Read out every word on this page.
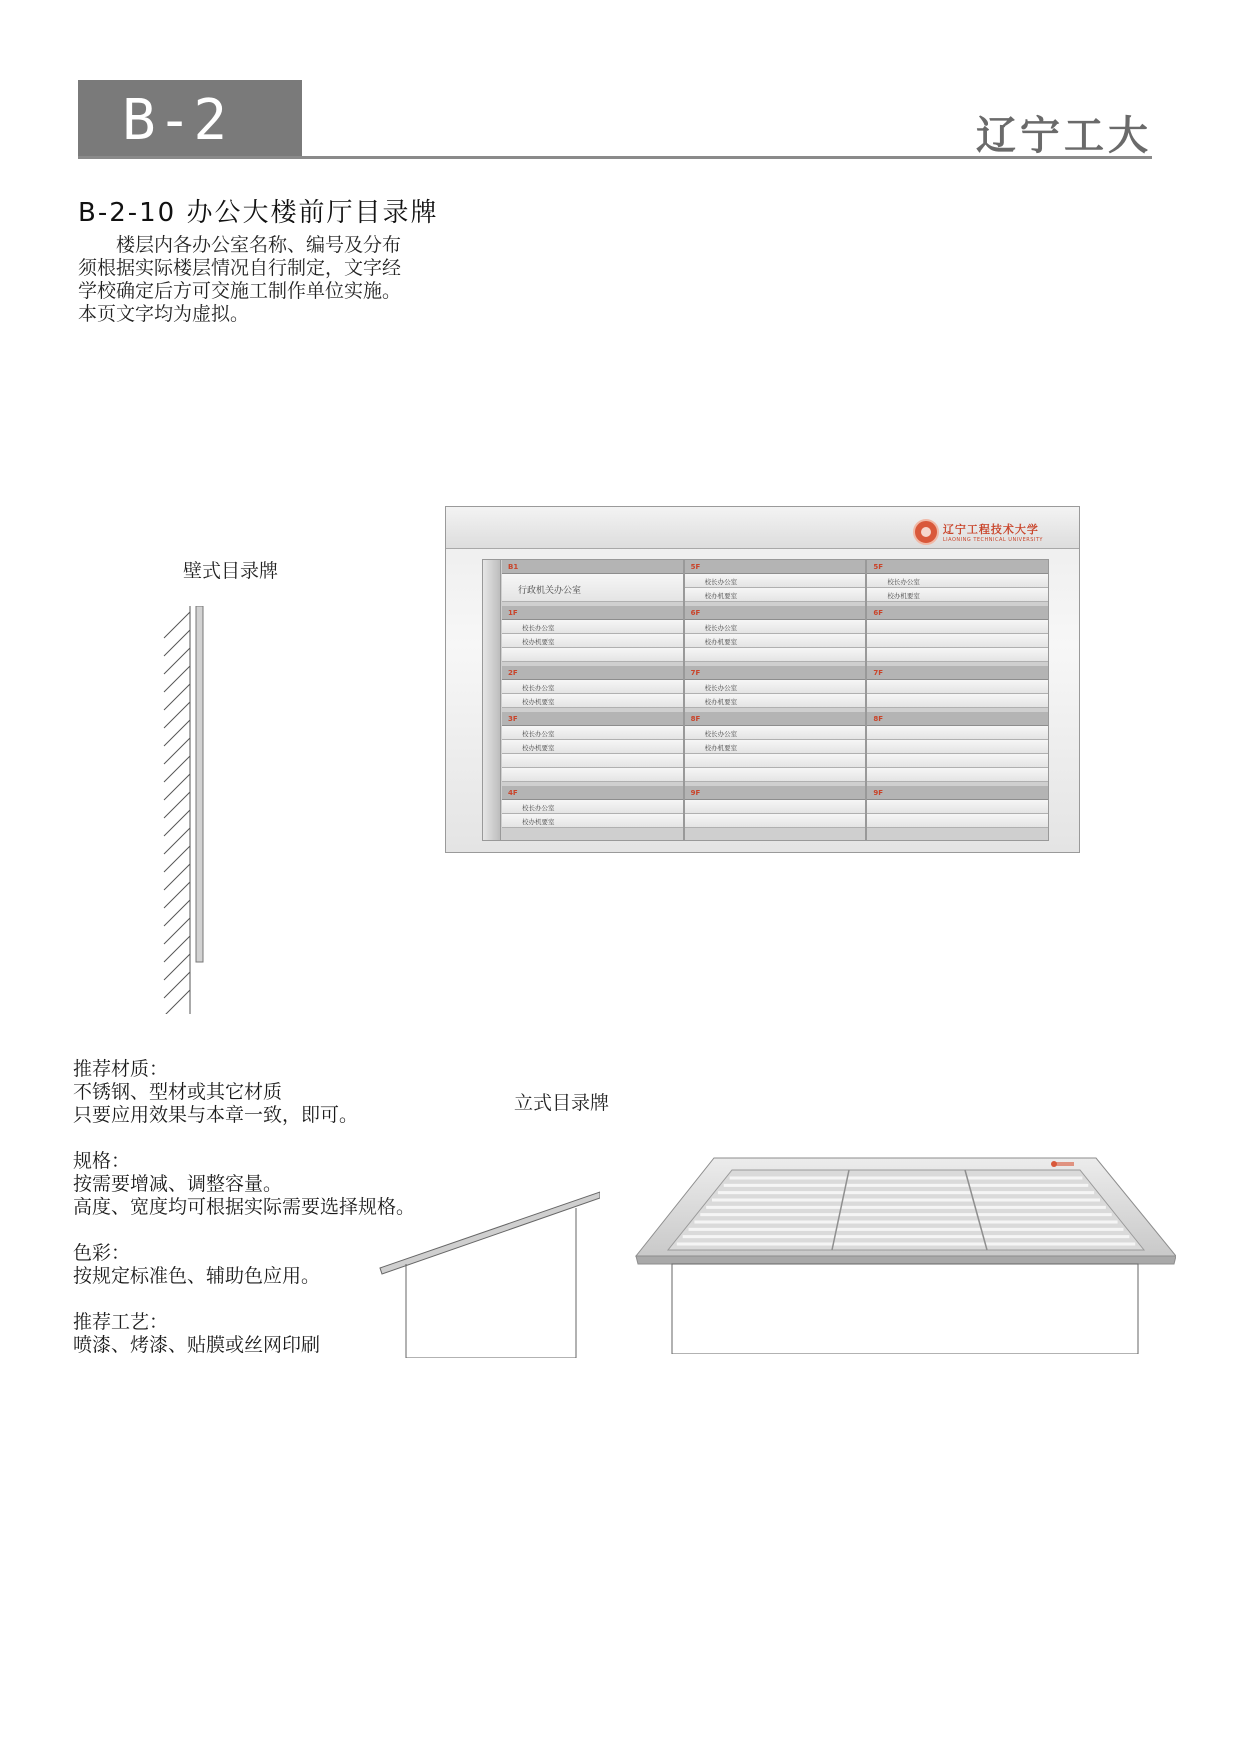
B-2	辽宁工大
B-2-10 办公大楼前厅目录牌
楼层内各办公室名称、编号及分布须根据实际楼层情况自行制定，文字经学校确定后方可交施工制作单位实施。本页文字均为虚拟。
壁式目录牌
辽宁工程技术大学
LIAONING TECHNICAL UNIVERSITY
B1
行政机关办公室
1F
校长办公室
校办机要室
2F
校长办公室
校办机要室
3F
校长办公室
校办机要室
4F
校长办公室
校办机要室
5F
校长办公室
校办机要室
6F
校长办公室
校办机要室
7F
校长办公室
校办机要室
8F
校长办公室
校办机要室
9F
5F
校长办公室
校办机要室
6F
7F
8F
9F

推荐材质：

不锈钢、型材或其它材质

只要应用效果与本章一致，即可。

规格：

按需要增减、调整容量。

高度、宽度均可根据实际需要选择规格。

色彩：

按规定标准色、辅助色应用。

推荐工艺：

喷漆、烤漆、贴膜或丝网印刷

立式目录牌
